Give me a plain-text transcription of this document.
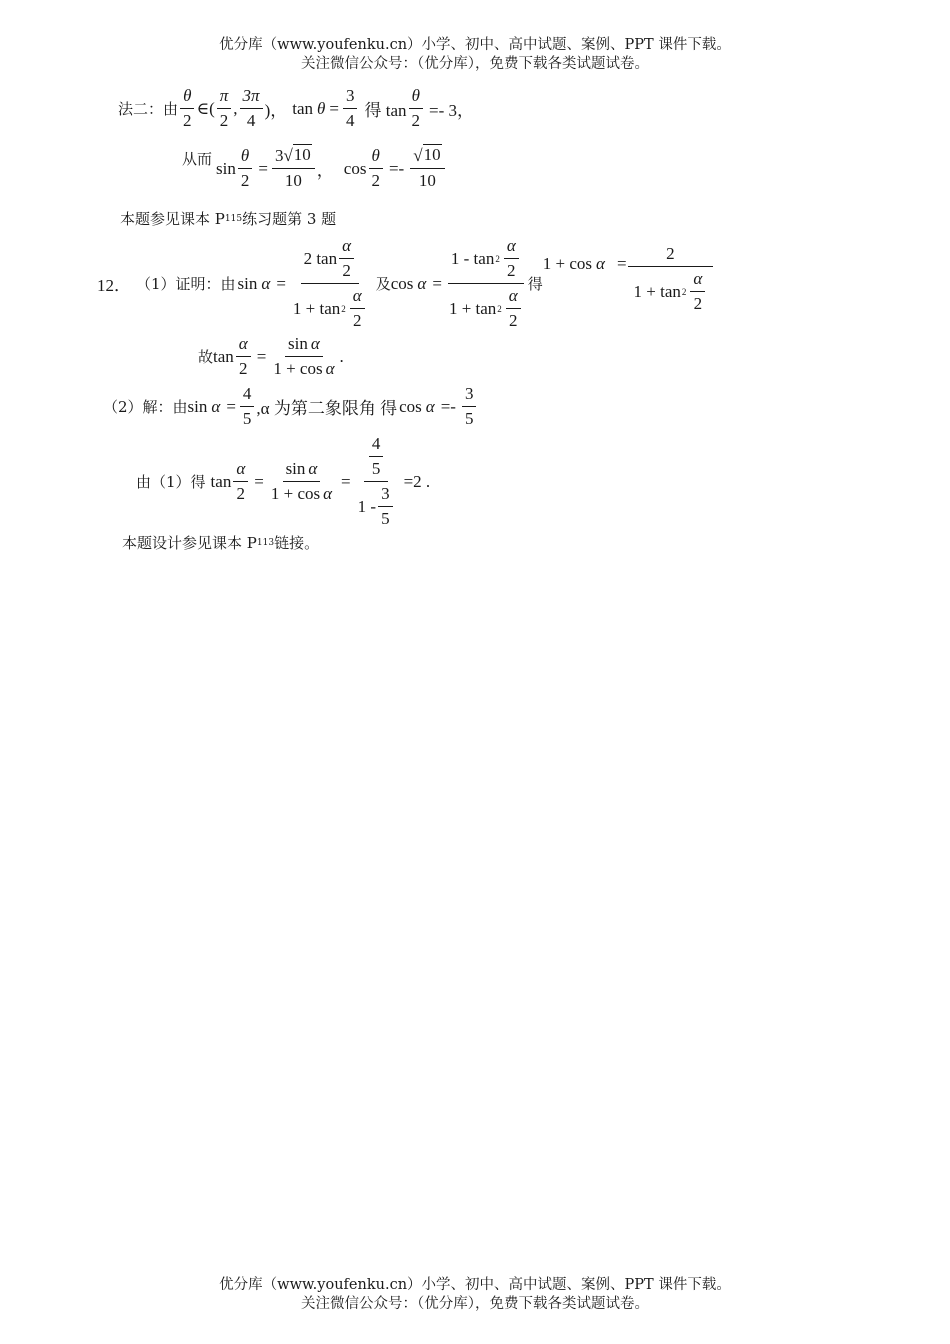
优分库（www.youfenku.cn）小学、初中、高中试题、案例、PPT 课件下载。
关注微信公众号：（优分库），免费下载各类试题试卷。
法二：由 $\frac{\theta}{2}$ ∈( $\frac{\pi}{2}$ , $\frac{3\pi}{4}$ )， $\tan \theta = \frac{3}{4}$ 得 $\tan \frac{\theta}{2} =- 3$，
从而 $\sin \frac{\theta}{2} = \frac{3 √ 10}{10}$ ， $\cos \frac{\theta}{2} =- \frac{√ 10}{10}$
本题参见课本 P 115 练习题第 3 题
12． （1）证明：由 sin α = 2
$\tan \frac{\alpha}{2}$
$1 + \tan 2 \frac{\alpha}{2}$ 及 $\cos \alpha = \frac{1 - \tan 2 \frac{\alpha}{2}}{1 + \tan 2 \frac{\alpha}{2}}$ 得
$1 + \cos \alpha = \frac{2}{1 + \tan 2 \frac{\alpha}{2}}$
故 $\tan \frac{\alpha}{2} = \frac{\text{sin α}}{\text{1 + cos α}}$ .
（2）解：由 $\sin \alpha = \frac{4}{5} ,\alpha$ 为第二象限角 得 $\cos \alpha =- \frac{3}{5}$
由（1）得 $\tan \frac{\alpha}{2} = \frac{\text{sin α}}{\text{1 + cos α}} = \frac{\frac{4}{5}}{1 - \frac{3}{5}} =2$ .
本题设计参见课本 P 113 链接。
优分库（www.youfenku.cn）小学、初中、高中试题、案例、PPT 课件下载。
关注微信公众号：（优分库），免费下载各类试题试卷。
